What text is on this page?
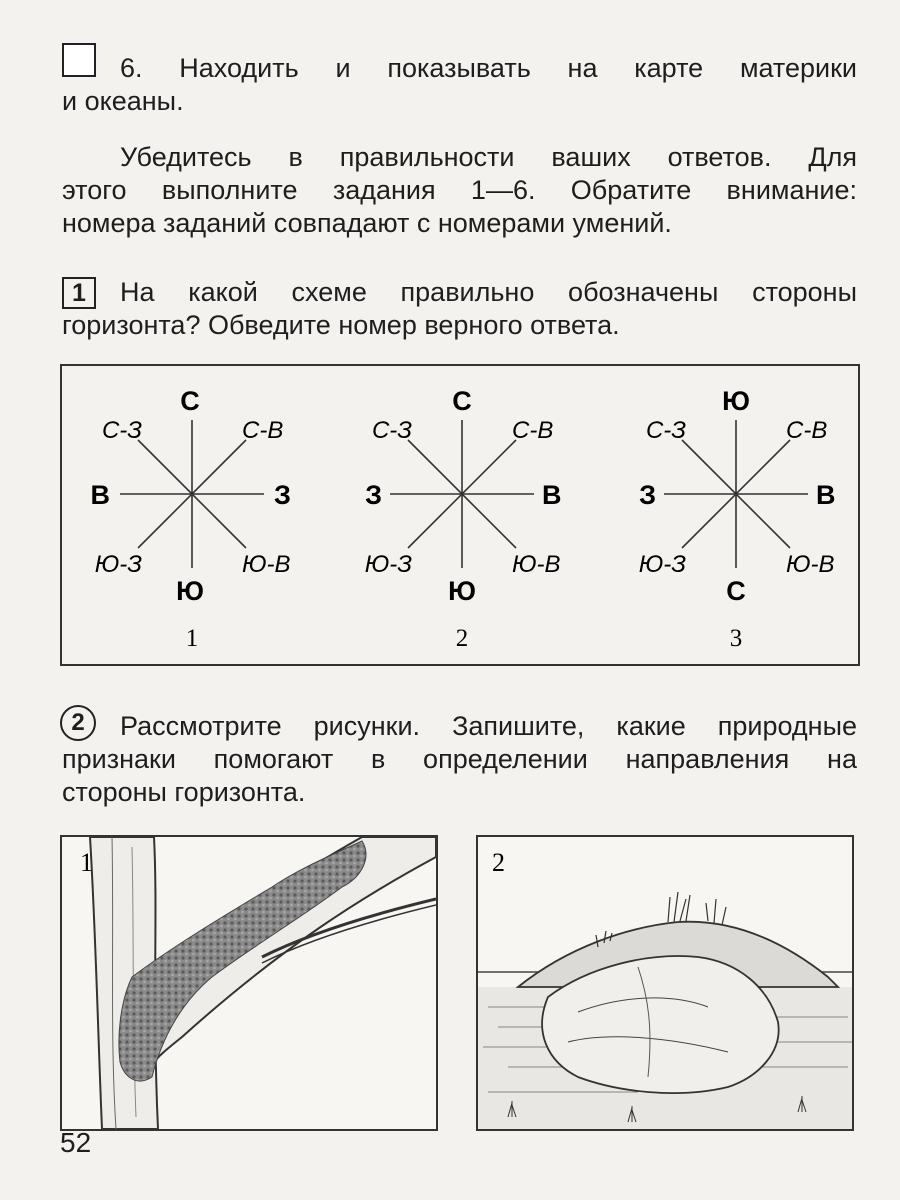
6. Находить и показывать на карте материки
и океаны.

Убедитесь в правильности ваших ответов. Для
этого выполните задания 1—6. Обратите внимание:
номера заданий совпадают с номерами умений.

1	На какой схеме правильно обозначены стороны
горизонта? Обведите номер верного ответа.

С
Ю
В	З
С-З	С-В
Ю-З	Ю-В
1
С
Ю
З	В
С-З	С-В
Ю-З	Ю-В
2
Ю
С
З	В
С-З	С-В
Ю-З	Ю-В
3
2	Рассмотрите рисунки. Запишите, какие природные
признаки помогают в определении направления на
стороны горизонта.

1	2
52
